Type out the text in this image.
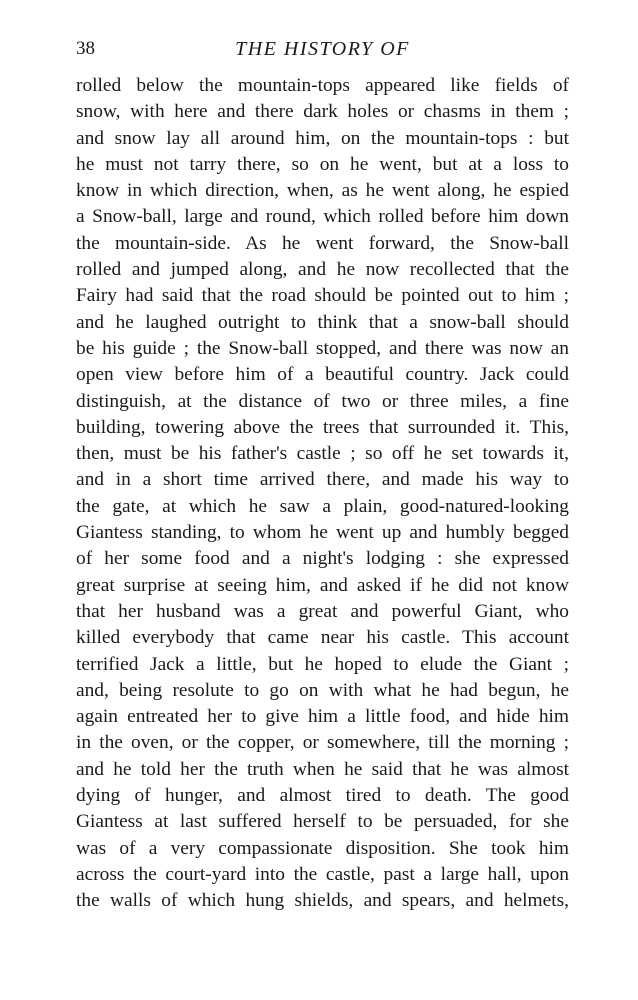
38	THE HISTORY OF
rolled below the mountain-tops appeared like fields of
snow, with here and there dark holes or chasms in them ;
and snow lay all around him, on the mountain-tops : but
he must not tarry there, so on he went, but at a loss to
know in which direction, when, as he went along, he espied
a Snow-ball, large and round, which rolled before him down
the mountain-side. As he went forward, the Snow-ball
rolled and jumped along, and he now recollected that the
Fairy had said that the road should be pointed out to him ;
and he laughed outright to think that a snow-ball should
be his guide ; the Snow-ball stopped, and there was now an
open view before him of a beautiful country. Jack could
distinguish, at the distance of two or three miles, a fine
building, towering above the trees that surrounded it. This,
then, must be his father's castle ; so off he set towards it,
and in a short time arrived there, and made his way to
the gate, at which he saw a plain, good-natured-looking
Giantess standing, to whom he went up and humbly begged
of her some food and a night's lodging : she expressed
great surprise at seeing him, and asked if he did not know
that her husband was a great and powerful Giant, who
killed everybody that came near his castle. This account
terrified Jack a little, but he hoped to elude the Giant ;
and, being resolute to go on with what he had begun, he
again entreated her to give him a little food, and hide him
in the oven, or the copper, or somewhere, till the morning ;
and he told her the truth when he said that he was almost
dying of hunger, and almost tired to death. The good
Giantess at last suffered herself to be persuaded, for she
was of a very compassionate disposition. She took him
across the court-yard into the castle, past a large hall, upon
the walls of which hung shields, and spears, and helmets,
